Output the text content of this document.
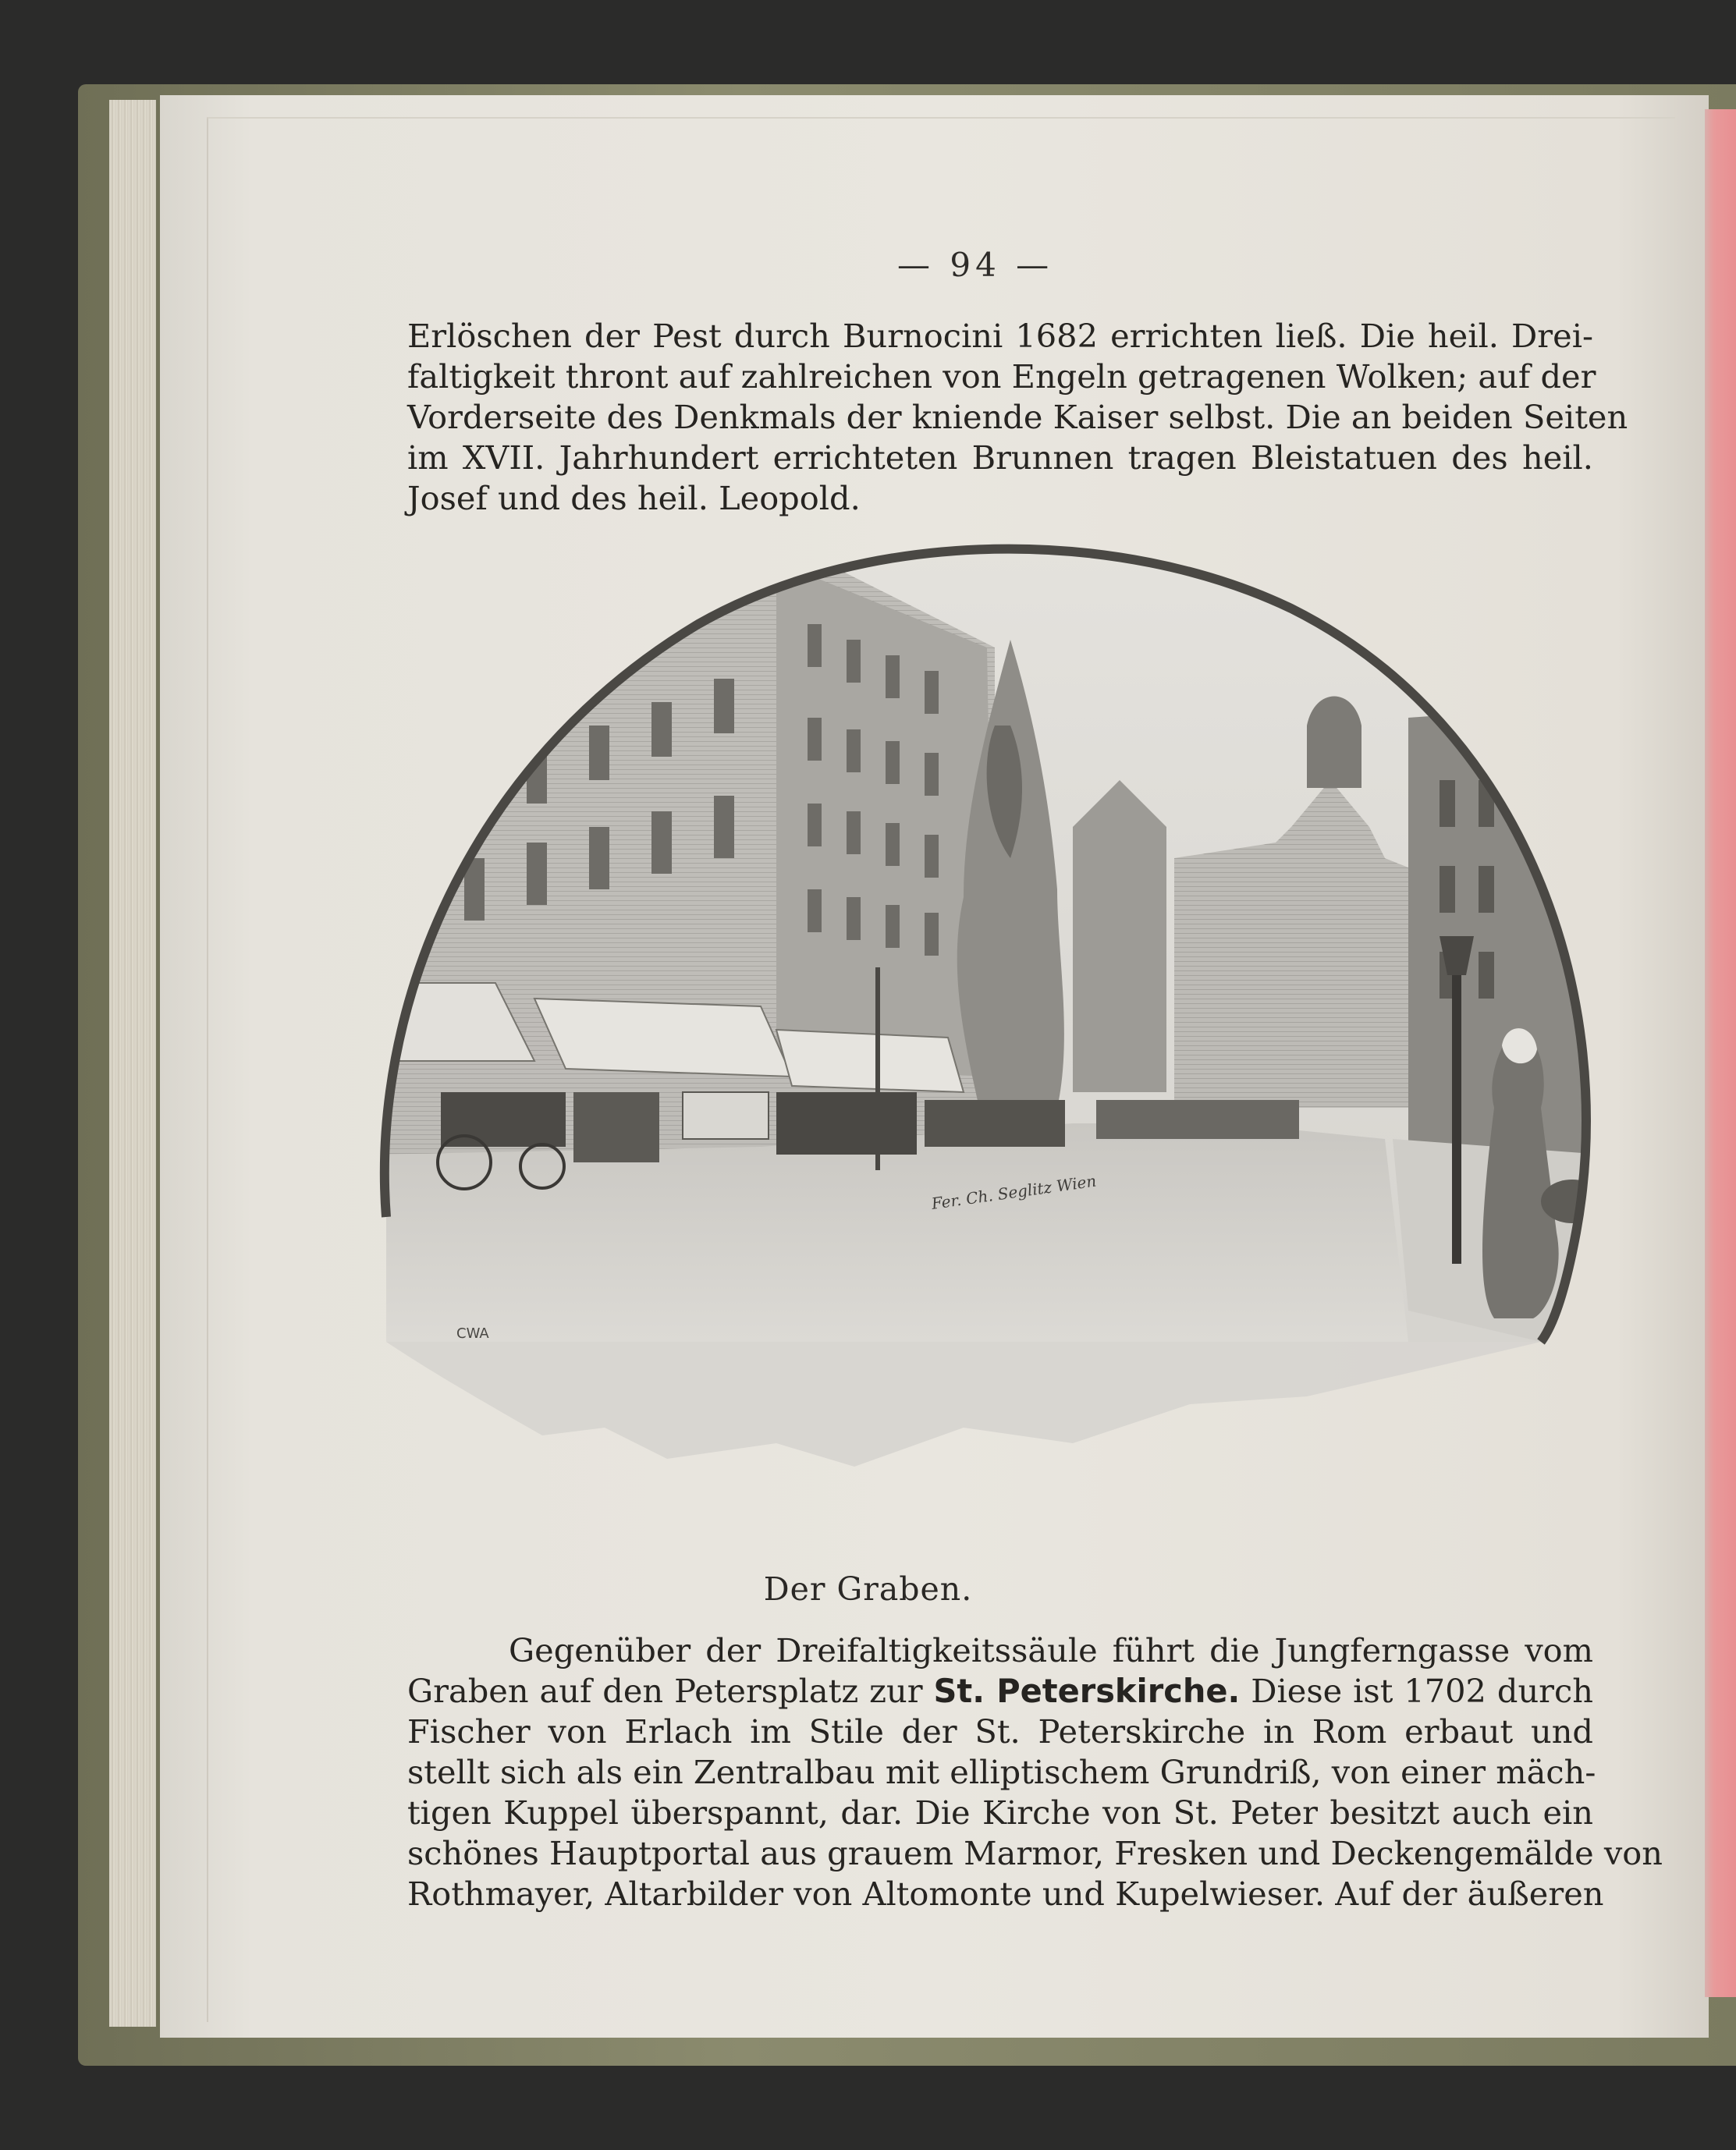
— 94 —

Erlöschen der Pest durch Burnocini 1682 errichten ließ. Die heil. Drei-
faltigkeit thront auf zahlreichen von Engeln getragenen Wolken; auf der
Vorderseite des Denkmals der kniende Kaiser selbst. Die an beiden Seiten
im XVII. Jahrhundert errichteten Brunnen tragen Bleistatuen des heil.
Josef und des heil. Leopold.

Fer. Ch. Seglitz Wien
CWA
Der Graben.

Gegenüber der Dreifaltigkeitssäule führt die Jungferngasse vom
Graben auf den Petersplatz zur St. Peterskirche. Diese ist 1702 durch
Fischer von Erlach im Stile der St. Peterskirche in Rom erbaut und
stellt sich als ein Zentralbau mit elliptischem Grundriß, von einer mäch-
tigen Kuppel überspannt, dar. Die Kirche von St. Peter besitzt auch ein
schönes Hauptportal aus grauem Marmor, Fresken und Deckengemälde von
Rothmayer, Altarbilder von Altomonte und Kupelwieser. Auf der äußeren
